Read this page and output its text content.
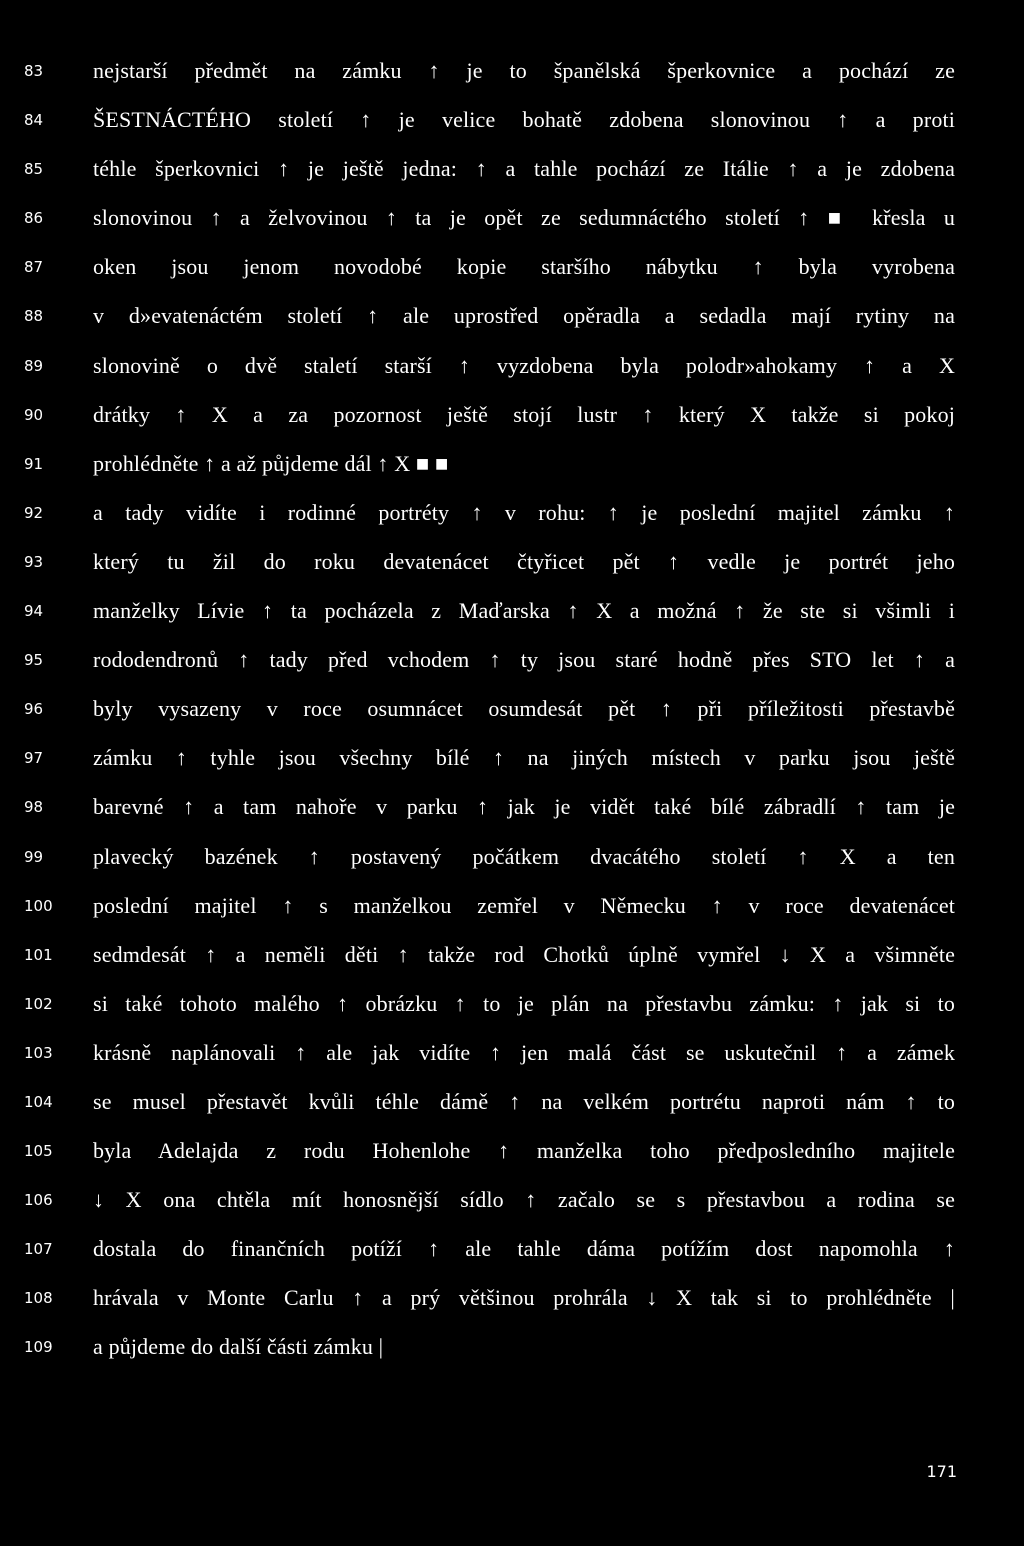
83	nejstarší předmět na zámku ↑ je to španělská šperkovnice a pochází ze
84	ŠESTNÁCTÉHO století ↑ je velice bohatě zdobena slonovinou ↑ a proti
85	téhle šperkovnici ↑ je ještě jedna: ↑ a tahle pochází ze Itálie ↑ a je zdobena
86	slonovinou ↑ a želvovinou ↑ ta je opět ze sedumnáctého století ↑ ■ křesla u
87	oken jsou jenom novodobé kopie staršího nábytku ↑ byla vyrobena
88	v d»evatenáctém století ↑ ale uprostřed opěradla a sedadla mají rytiny na
89	slonovině o dvě staletí starší ↑ vyzdobena byla polodr»ahokamy ↑ a X
90	drátky ↑ X a za pozornost ještě stojí lustr ↑ který X takže si pokoj
91	prohlédněte ↑ a až půjdeme dál ↑ X ■ ■
92	a tady vidíte i rodinné portréty ↑ v rohu: ↑ je poslední majitel zámku ↑
93	který tu žil do roku devatenácet čtyřicet pět ↑ vedle je portrét jeho
94	manželky Lívie ↑ ta pocházela z Maďarska ↑ X a možná ↑ že ste si všimli i
95	rododendronů ↑ tady před vchodem ↑ ty jsou staré hodně přes STO let ↑ a
96	byly vysazeny v roce osumnácet osumdesát pět ↑ při příležitosti přestavbě
97	zámku ↑ tyhle jsou všechny bílé ↑ na jiných místech v parku jsou ještě
98	barevné ↑ a tam nahoře v parku ↑ jak je vidět také bílé zábradlí ↑ tam je
99	plavecký bazének ↑ postavený počátkem dvacátého století ↑ X a ten
100	poslední majitel ↑ s manželkou zemřel v Německu ↑ v roce devatenácet
101	sedmdesát ↑ a neměli děti ↑ takže rod Chotků úplně vymřel ↓ X a všimněte
102	si také tohoto malého ↑ obrázku ↑ to je plán na přestavbu zámku: ↑ jak si to
103	krásně naplánovali ↑ ale jak vidíte ↑ jen malá část se uskutečnil ↑ a zámek
104	se musel přestavět kvůli téhle dámě ↑ na velkém portrétu naproti nám ↑ to
105	byla Adelajda z rodu Hohenlohe ↑ manželka toho předposledního majitele
106	↓ X ona chtěla mít honosnější sídlo ↑ začalo se s přestavbou a rodina se
107	dostala do finančních potíží ↑ ale tahle dáma potížím dost napomohla ↑
108	hrávala v Monte Carlu ↑ a prý většinou prohrála ↓ X tak si to prohlédněte |
109	a půjdeme do další části zámku |
171
